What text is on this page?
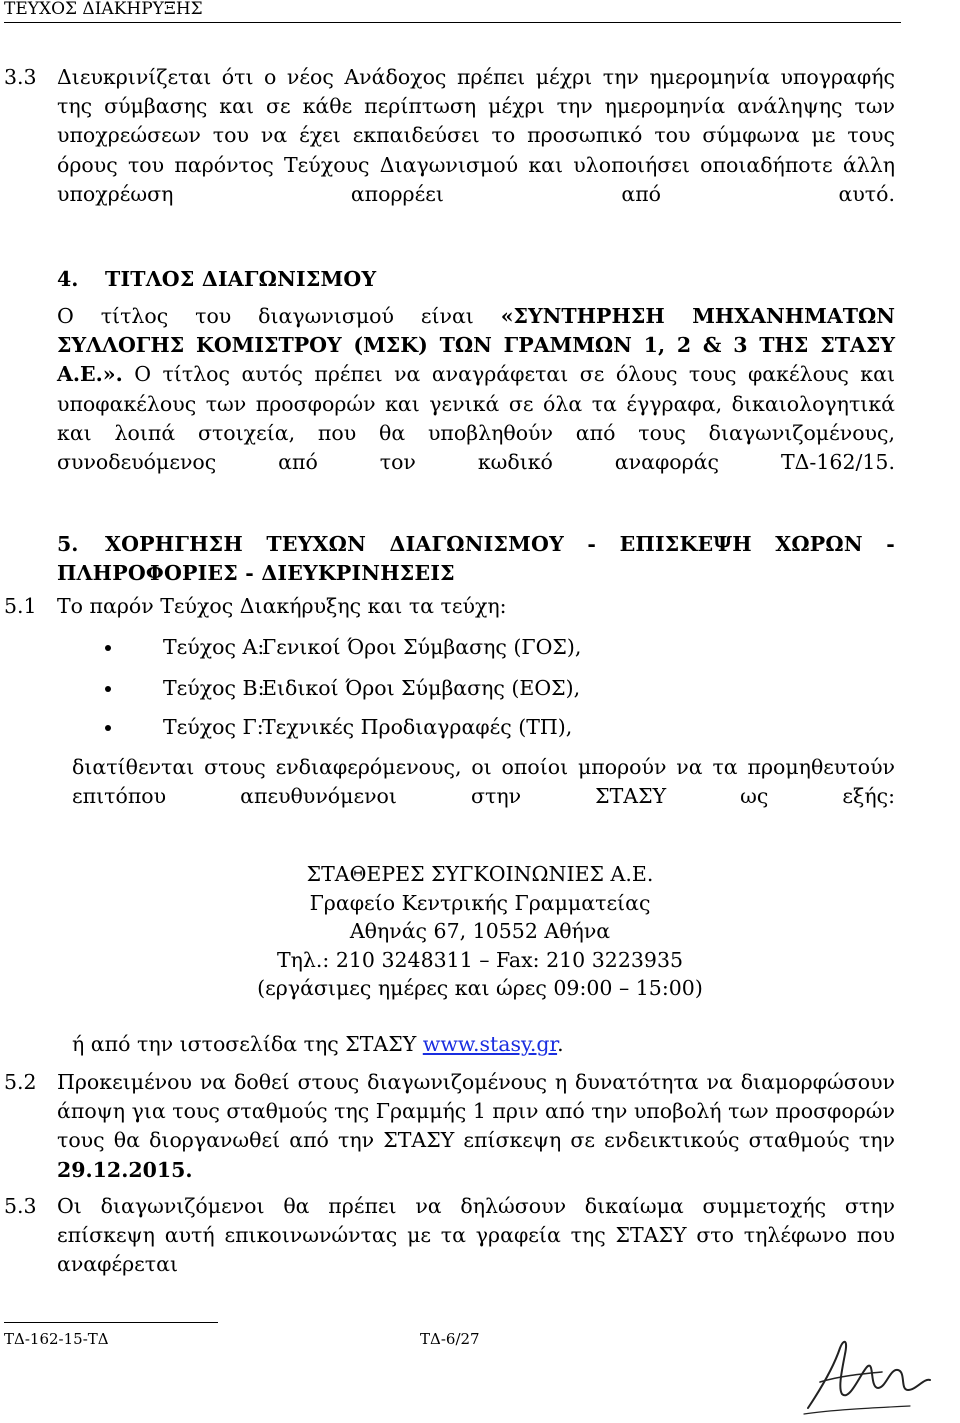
ΤΕΥΧΟΣ ΔΙΑΚΗΡΥΞΗΣ
3.3 Διευκρινίζεται ότι ο νέος Ανάδοχος πρέπει μέχρι την ημερομηνία υπογραφής της σύμβασης και σε κάθε περίπτωση μέχρι την ημερομηνία ανάληψης των υποχρεώσεων του να έχει εκπαιδεύσει το προσωπικό του σύμφωνα με τους όρους του παρόντος Τεύχους Διαγωνισμού και υλοποιήσει οποιαδήποτε άλλη υποχρέωση απορρέει από αυτό.
4. ΤΙΤΛΟΣ ΔΙΑΓΩΝΙΣΜΟΥ
Ο τίτλος του διαγωνισμού είναι «ΣΥΝΤΗΡΗΣΗ ΜΗΧΑΝΗΜΑΤΩΝ ΣΥΛΛΟΓΗΣ ΚΟΜΙΣΤΡΟΥ (ΜΣΚ) ΤΩΝ ΓΡΑΜΜΩΝ 1, 2 & 3 ΤΗΣ ΣΤΑΣΥ Α.Ε.». Ο τίτλος αυτός πρέπει να αναγράφεται σε όλους τους φακέλους και υποφακέλους των προσφορών και γενικά σε όλα τα έγγραφα, δικαιολογητικά και λοιπά στοιχεία, που θα υποβληθούν από τους διαγωνιζομένους, συνοδευόμενος από τον κωδικό αναφοράς ΤΔ-162/15.
5. ΧΟΡΗΓΗΣΗ ΤΕΥΧΩΝ ΔΙΑΓΩΝΙΣΜΟΥ - ΕΠΙΣΚΕΨΗ ΧΩΡΩΝ -
ΠΛΗΡΟΦΟΡΙΕΣ - ΔΙΕΥΚΡΙΝΗΣΕΙΣ
5.1 Το παρόν Τεύχος Διακήρυξης και τα τεύχη:
Τεύχος Α:
Γενικοί Όροι Σύμβασης (ΓΟΣ),
Τεύχος Β:
Ειδικοί Όροι Σύμβασης (ΕΟΣ),
Τεύχος Γ:
Τεχνικές Προδιαγραφές (ΤΠ),
διατίθενται στους ενδιαφερόμενους, οι οποίοι μπορούν να τα προμηθευτούν επιτόπου απευθυνόμενοι στην ΣΤΑΣΥ ως εξής:
ΣΤΑΘΕΡΕΣ ΣΥΓΚΟΙΝΩΝΙΕΣ Α.Ε.
Γραφείο Κεντρικής Γραμματείας
Αθηνάς 67, 10552 Αθήνα
Τηλ.: 210 3248311 – Fax: 210 3223935
(εργάσιμες ημέρες και ώρες 09:00 – 15:00)
ή από την ιστοσελίδα της ΣΤΑΣΥ www.stasy.gr.
5.2 Προκειμένου να δοθεί στους διαγωνιζομένους η δυνατότητα να διαμορφώσουν άποψη για τους σταθμούς της Γραμμής 1 πριν από την υποβολή των προσφορών τους θα διοργανωθεί από την ΣΤΑΣΥ επίσκεψη σε ενδεικτικούς σταθμούς την 29.12.2015.
5.3 Οι διαγωνιζόμενοι θα πρέπει να δηλώσουν δικαίωμα συμμετοχής στην επίσκεψη αυτή επικοινωνώντας με τα γραφεία της ΣΤΑΣΥ στο τηλέφωνο που αναφέρεται
ΤΔ-162-15-ΤΔ	ΤΔ-6/27
